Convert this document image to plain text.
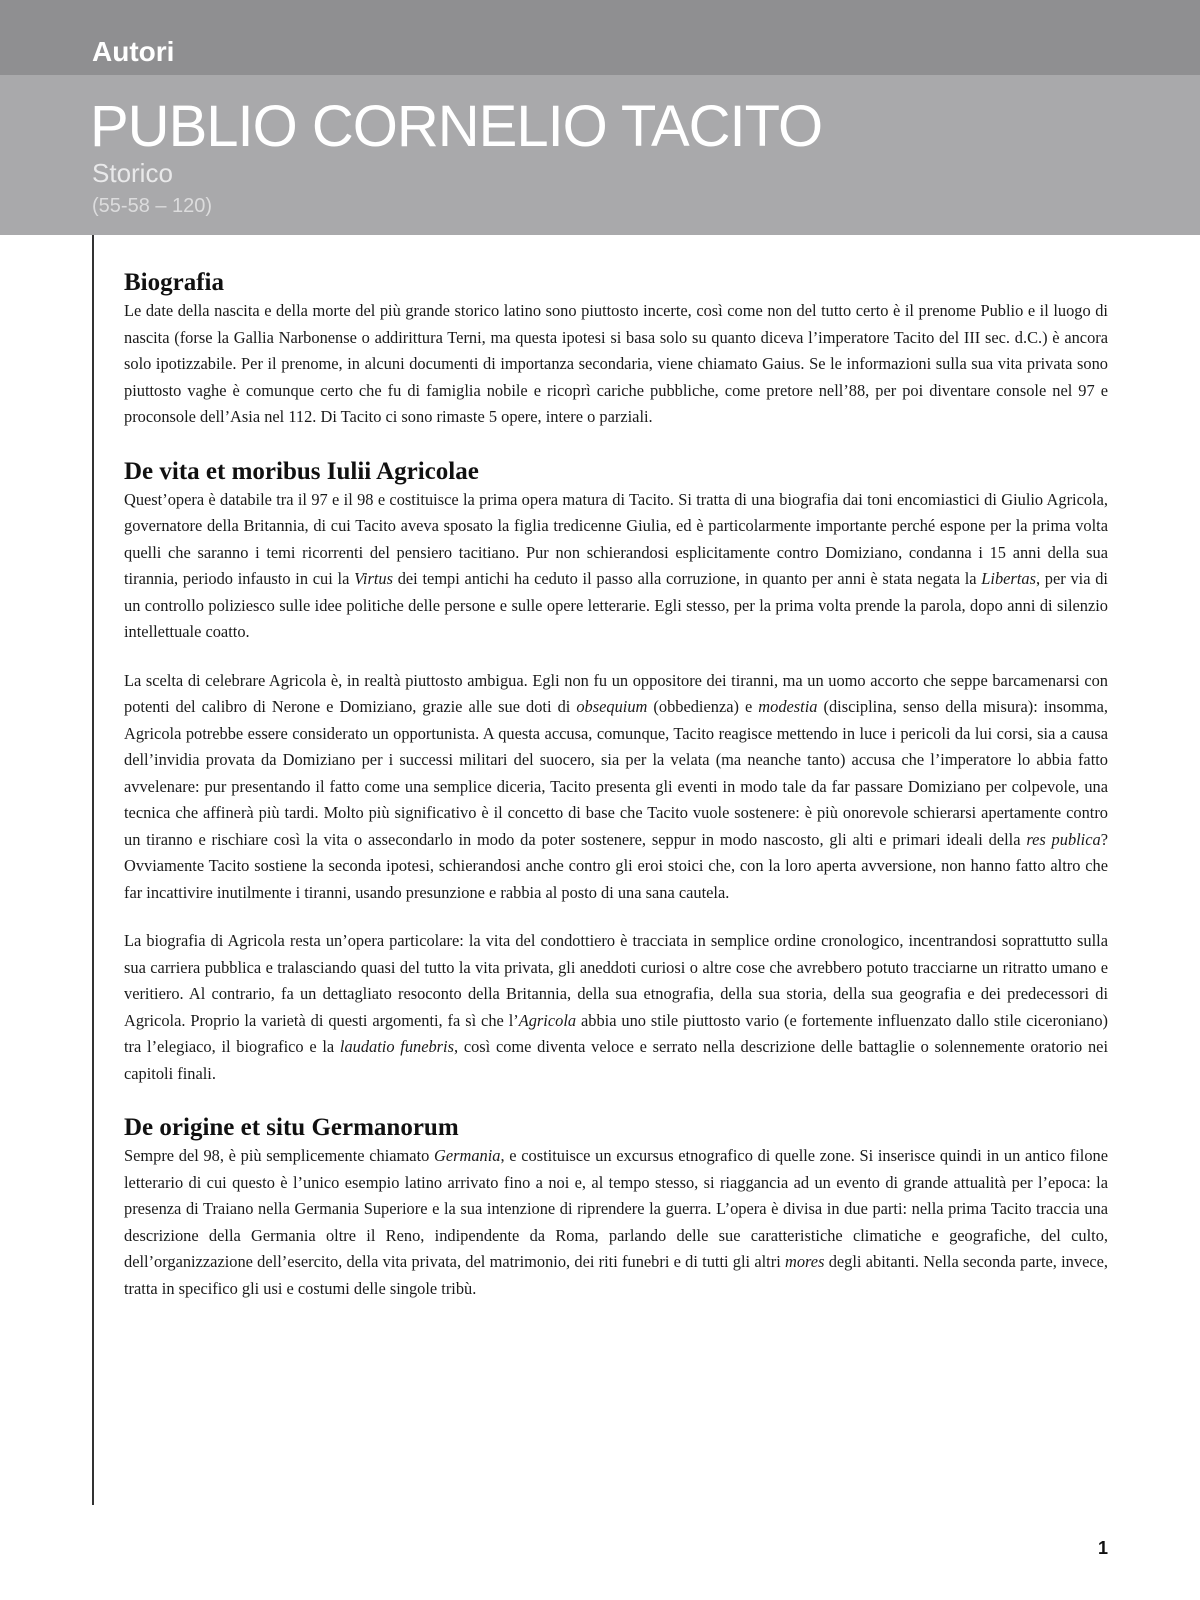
Autori
PUBLIO CORNELIO TACITO
Storico
(55-58 – 120)
Biografia

Le date della nascita e della morte del più grande storico latino sono piuttosto incerte, così come non del tutto certo è il prenome Publio e il luogo di nascita (forse la Gallia Narbonense o addirittura Terni, ma questa ipotesi si basa solo su quanto diceva l’imperatore Tacito del III sec. d.C.) è ancora solo ipotizzabile. Per il prenome, in alcuni documenti di importanza secondaria, viene chiamato Gaius. Se le informazioni sulla sua vita privata sono piuttosto vaghe è comunque certo che fu di famiglia nobile e ricoprì cariche pubbliche, come pretore nell’88, per poi diventare console nel 97 e proconsole dell’Asia nel 112. Di Tacito ci sono rimaste 5 opere, intere o parziali.

De vita et moribus Iulii Agricolae

Quest’opera è databile tra il 97 e il 98 e costituisce la prima opera matura di Tacito. Si tratta di una biografia dai toni encomiastici di Giulio Agricola, governatore della Britannia, di cui Tacito aveva sposato la figlia tredicenne Giulia, ed è particolarmente importante perché espone per la prima volta quelli che saranno i temi ricorrenti del pensiero tacitiano. Pur non schierandosi esplicitamente contro Domiziano, condanna i 15 anni della sua tirannia, periodo infausto in cui la Virtus dei tempi antichi ha ceduto il passo alla corruzione, in quanto per anni è stata negata la Libertas, per via di un controllo poliziesco sulle idee politiche delle persone e sulle opere letterarie. Egli stesso, per la prima volta prende la parola, dopo anni di silenzio intellettuale coatto.

La scelta di celebrare Agricola è, in realtà piuttosto ambigua. Egli non fu un oppositore dei tiranni, ma un uomo accorto che seppe barcamenarsi con potenti del calibro di Nerone e Domiziano, grazie alle sue doti di obsequium (obbedienza) e modestia (disciplina, senso della misura): insomma, Agricola potrebbe essere considerato un opportunista. A questa accusa, comunque, Tacito reagisce mettendo in luce i pericoli da lui corsi, sia a causa dell’invidia provata da Domiziano per i successi militari del suocero, sia per la velata (ma neanche tanto) accusa che l’imperatore lo abbia fatto avvelenare: pur presentando il fatto come una semplice diceria, Tacito presenta gli eventi in modo tale da far passare Domiziano per colpevole, una tecnica che affinerà più tardi. Molto più significativo è il concetto di base che Tacito vuole sostenere: è più onorevole schierarsi apertamente contro un tiranno e rischiare così la vita o assecondarlo in modo da poter sostenere, seppur in modo nascosto, gli alti e primari ideali della res publica? Ovviamente Tacito sostiene la seconda ipotesi, schierandosi anche contro gli eroi stoici che, con la loro aperta avversione, non hanno fatto altro che far incattivire inutilmente i tiranni, usando presunzione e rabbia al posto di una sana cautela.

La biografia di Agricola resta un’opera particolare: la vita del condottiero è tracciata in semplice ordine cronologico, incentrandosi soprattutto sulla sua carriera pubblica e tralasciando quasi del tutto la vita privata, gli aneddoti curiosi o altre cose che avrebbero potuto tracciarne un ritratto umano e veritiero. Al contrario, fa un dettagliato resoconto della Britannia, della sua etnografia, della sua storia, della sua geografia e dei predecessori di Agricola. Proprio la varietà di questi argomenti, fa sì che l’Agricola abbia uno stile piuttosto vario (e fortemente influenzato dallo stile ciceroniano) tra l’elegiaco, il biografico e la laudatio funebris, così come diventa veloce e serrato nella descrizione delle battaglie o solennemente oratorio nei capitoli finali.

De origine et situ Germanorum

Sempre del 98, è più semplicemente chiamato Germania, e costituisce un excursus etnografico di quelle zone. Si inserisce quindi in un antico filone letterario di cui questo è l’unico esempio latino arrivato fino a noi e, al tempo stesso, si riaggancia ad un evento di grande attualità per l’epoca: la presenza di Traiano nella Germania Superiore e la sua intenzione di riprendere la guerra. L’opera è divisa in due parti: nella prima Tacito traccia una descrizione della Germania oltre il Reno, indipendente da Roma, parlando delle sue caratteristiche climatiche e geografiche, del culto, dell’organizzazione dell’esercito, della vita privata, del matrimonio, dei riti funebri e di tutti gli altri mores degli abitanti. Nella seconda parte, invece, tratta in specifico gli usi e costumi delle singole tribù.

1
